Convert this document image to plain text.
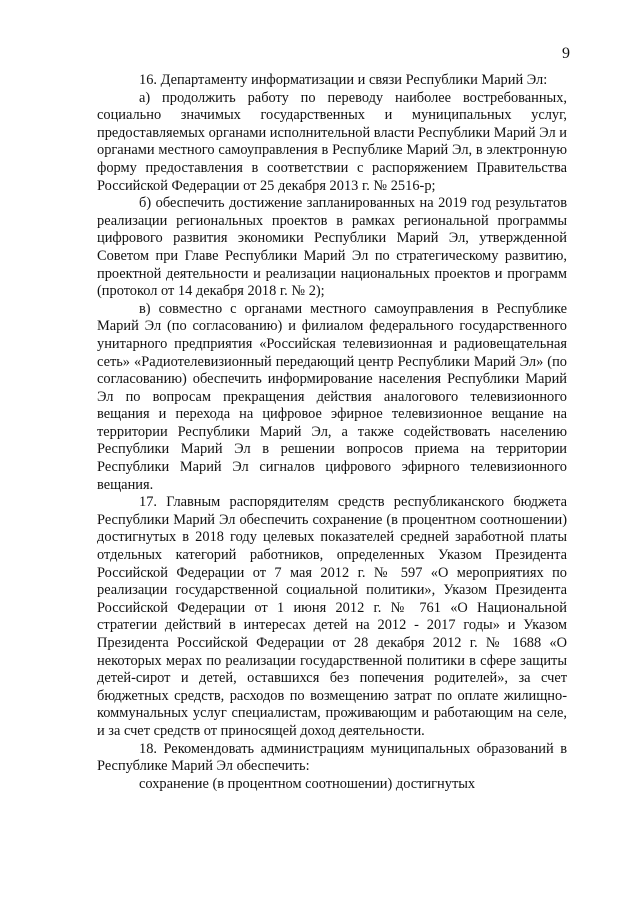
9

16. Департаменту информатизации и связи Республики Марий Эл:

а) продолжить работу по переводу наиболее востребованных, социально значимых государственных и муниципальных услуг, предоставляемых органами исполнительной власти Республики Марий Эл и органами местного самоуправления в Республике Марий Эл, в электронную форму предоставления в соответствии с распоряжением Правительства Российской Федерации от 25 декабря 2013 г. № 2516-р;

б) обеспечить достижение запланированных на 2019 год результатов реализации региональных проектов в рамках региональной программы цифрового развития экономики Республики Марий Эл, утвержденной Советом при Главе Республики Марий Эл по стратегическому развитию, проектной деятельности и реализации национальных проектов и программ (протокол от 14 декабря 2018 г. № 2);

в) совместно с органами местного самоуправления в Республике Марий Эл (по согласованию) и филиалом федерального государственного унитарного предприятия «Российская телевизионная и радиовещательная сеть» «Радиотелевизионный передающий центр Республики Марий Эл» (по согласованию) обеспечить информирование населения Республики Марий Эл по вопросам прекращения действия аналогового телевизионного вещания и перехода на цифровое эфирное телевизионное вещание на территории Республики Марий Эл, а также содействовать населению Республики Марий Эл в решении вопросов приема на территории Республики Марий Эл сигналов цифрового эфирного телевизионного вещания.

17. Главным распорядителям средств республиканского бюджета Республики Марий Эл обеспечить сохранение (в процентном соотношении) достигнутых в 2018 году целевых показателей средней заработной платы отдельных категорий работников, определенных Указом Президента Российской Федерации от 7 мая 2012 г. № 597 «О мероприятиях по реализации государственной социальной политики», Указом Президента Российской Федерации от 1 июня 2012 г. № 761 «О Национальной стратегии действий в интересах детей на 2012 - 2017 годы» и Указом Президента Российской Федерации от 28 декабря 2012 г. № 1688 «О некоторых мерах по реализации государственной политики в сфере защиты детей-сирот и детей, оставшихся без попечения родителей», за счет бюджетных средств, расходов по возмещению затрат по оплате жилищно-коммунальных услуг специалистам, проживающим и работающим на селе, и за счет средств от приносящей доход деятельности.

18. Рекомендовать администрациям муниципальных образований в Республике Марий Эл обеспечить:

сохранение (в процентном соотношении) достигнутых
